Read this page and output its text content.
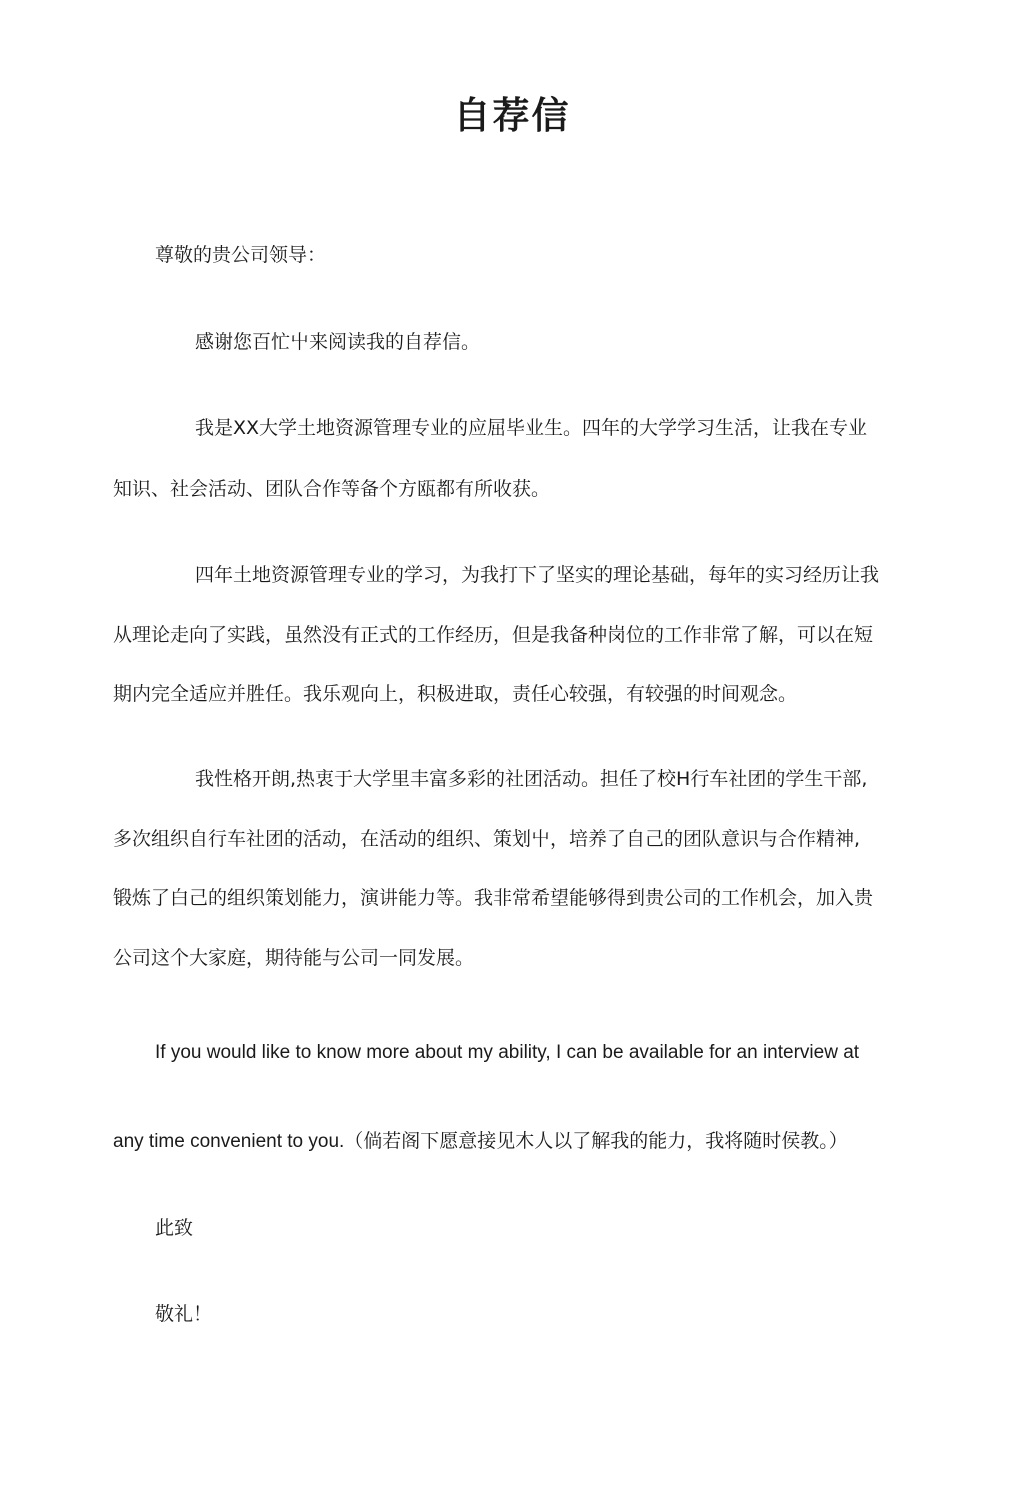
自荐信
尊敬的贵公司领导：
感谢您百忙屮来阅读我的自荐信。
我是XX大学土地资源管理专业的应屈毕业生。四年的大学学习生活，让我在专业
知识、社会活动、团队合作等备个方瓯都有所收获。
四年土地资源管理专业的学习，为我打下了坚实的理论基础，每年的实习经历让我
从理论走向了实践，虽然没有正式的工作经历，但是我备种岗位的工作非常了解，可以在短
期内完全适应并胜任。我乐观向上，积极进取，责任心较强，有较强的时间观念。
我性格开朗,热衷于大学里丰富多彩的社团活动。担任了校H行车社团的学生干部,
多次组织自行车社团的活动，在活动的组织、策划屮，培养了自己的团队意识与合作精神,
锻炼了白己的组织策划能力，演讲能力等。我非常希望能够得到贵公司的工作机会，加入贵
公司这个大家庭，期待能与公司一同发展。
If you would like to know more about my ability, I can be available for an interview at
any time convenient to you.（倘若阁下愿意接见木人以了解我的能力，我将随时侯教。）
此致
敬礼！
